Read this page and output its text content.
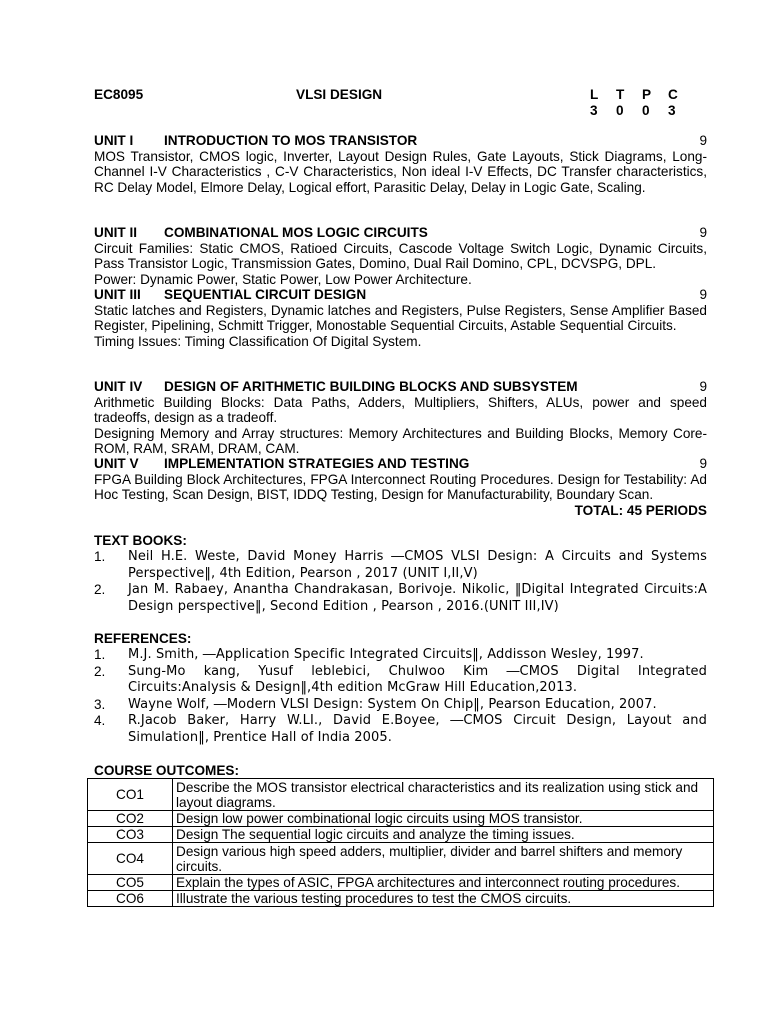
EC8095	VLSI DESIGN	L	T	P	C
3	0	0	3
UNIT I	INTRODUCTION TO MOS TRANSISTOR	9
MOS Transistor, CMOS logic, Inverter, Layout Design Rules, Gate Layouts, Stick Diagrams, Long-Channel I-V Characteristics , C-V Characteristics, Non ideal I-V Effects, DC Transfer characteristics, RC Delay Model, Elmore Delay, Logical effort, Parasitic Delay, Delay in Logic Gate, Scaling.
UNIT II	COMBINATIONAL MOS LOGIC CIRCUITS	9
Circuit Families: Static CMOS, Ratioed Circuits, Cascode Voltage Switch Logic, Dynamic Circuits, Pass Transistor Logic, Transmission Gates, Domino, Dual Rail Domino, CPL, DCVSPG, DPL.
Power: Dynamic Power, Static Power, Low Power Architecture.
UNIT III	SEQUENTIAL CIRCUIT DESIGN	9
Static latches and Registers, Dynamic latches and Registers, Pulse Registers, Sense Amplifier Based Register, Pipelining, Schmitt Trigger, Monostable Sequential Circuits, Astable Sequential Circuits.
Timing Issues: Timing Classification Of Digital System.
UNIT IV	DESIGN OF ARITHMETIC BUILDING BLOCKS AND SUBSYSTEM	9
Arithmetic Building Blocks: Data Paths, Adders, Multipliers, Shifters, ALUs, power and speed tradeoffs, design as a tradeoff.
Designing Memory and Array structures: Memory Architectures and Building Blocks, Memory Core-ROM, RAM, SRAM, DRAM, CAM.
UNIT V	IMPLEMENTATION STRATEGIES AND TESTING	9
FPGA Building Block Architectures, FPGA Interconnect Routing Procedures. Design for Testability: Ad Hoc Testing, Scan Design, BIST, IDDQ Testing, Design for Manufacturability, Boundary Scan.
TOTAL: 45 PERIODS
TEXT BOOKS:
1.	Neil H.E. Weste, David Money Harris ―CMOS VLSI Design: A Circuits and Systems Perspective‖, 4th Edition, Pearson , 2017 (UNIT I,II,V)
2.	Jan M. Rabaey, Anantha Chandrakasan, Borivoje. Nikolic, ‖Digital Integrated Circuits:A Design perspective‖, Second Edition , Pearson , 2016.(UNIT III,IV)
REFERENCES:
1.	M.J. Smith, ―Application Specific Integrated Circuits‖, Addisson Wesley, 1997.
2.	Sung-Mo kang, Yusuf leblebici, Chulwoo Kim ―CMOS Digital Integrated Circuits:Analysis & Design‖,4th edition McGraw Hill Education,2013.
3.	Wayne Wolf, ―Modern VLSI Design: System On Chip‖, Pearson Education, 2007.
4.	R.Jacob Baker, Harry W.LI., David E.Boyee, ―CMOS Circuit Design, Layout and Simulation‖, Prentice Hall of India 2005.
COURSE OUTCOMES:
CO1	Describe the MOS transistor electrical characteristics and its realization using stick and layout diagrams.
CO2	Design low power combinational logic circuits using MOS transistor.
CO3	Design The sequential logic circuits and analyze the timing issues.
CO4	Design various high speed adders, multiplier, divider and barrel shifters and memory circuits.
CO5	Explain the types of ASIC, FPGA architectures and interconnect routing procedures.
CO6	Illustrate the various testing procedures to test the CMOS circuits.
